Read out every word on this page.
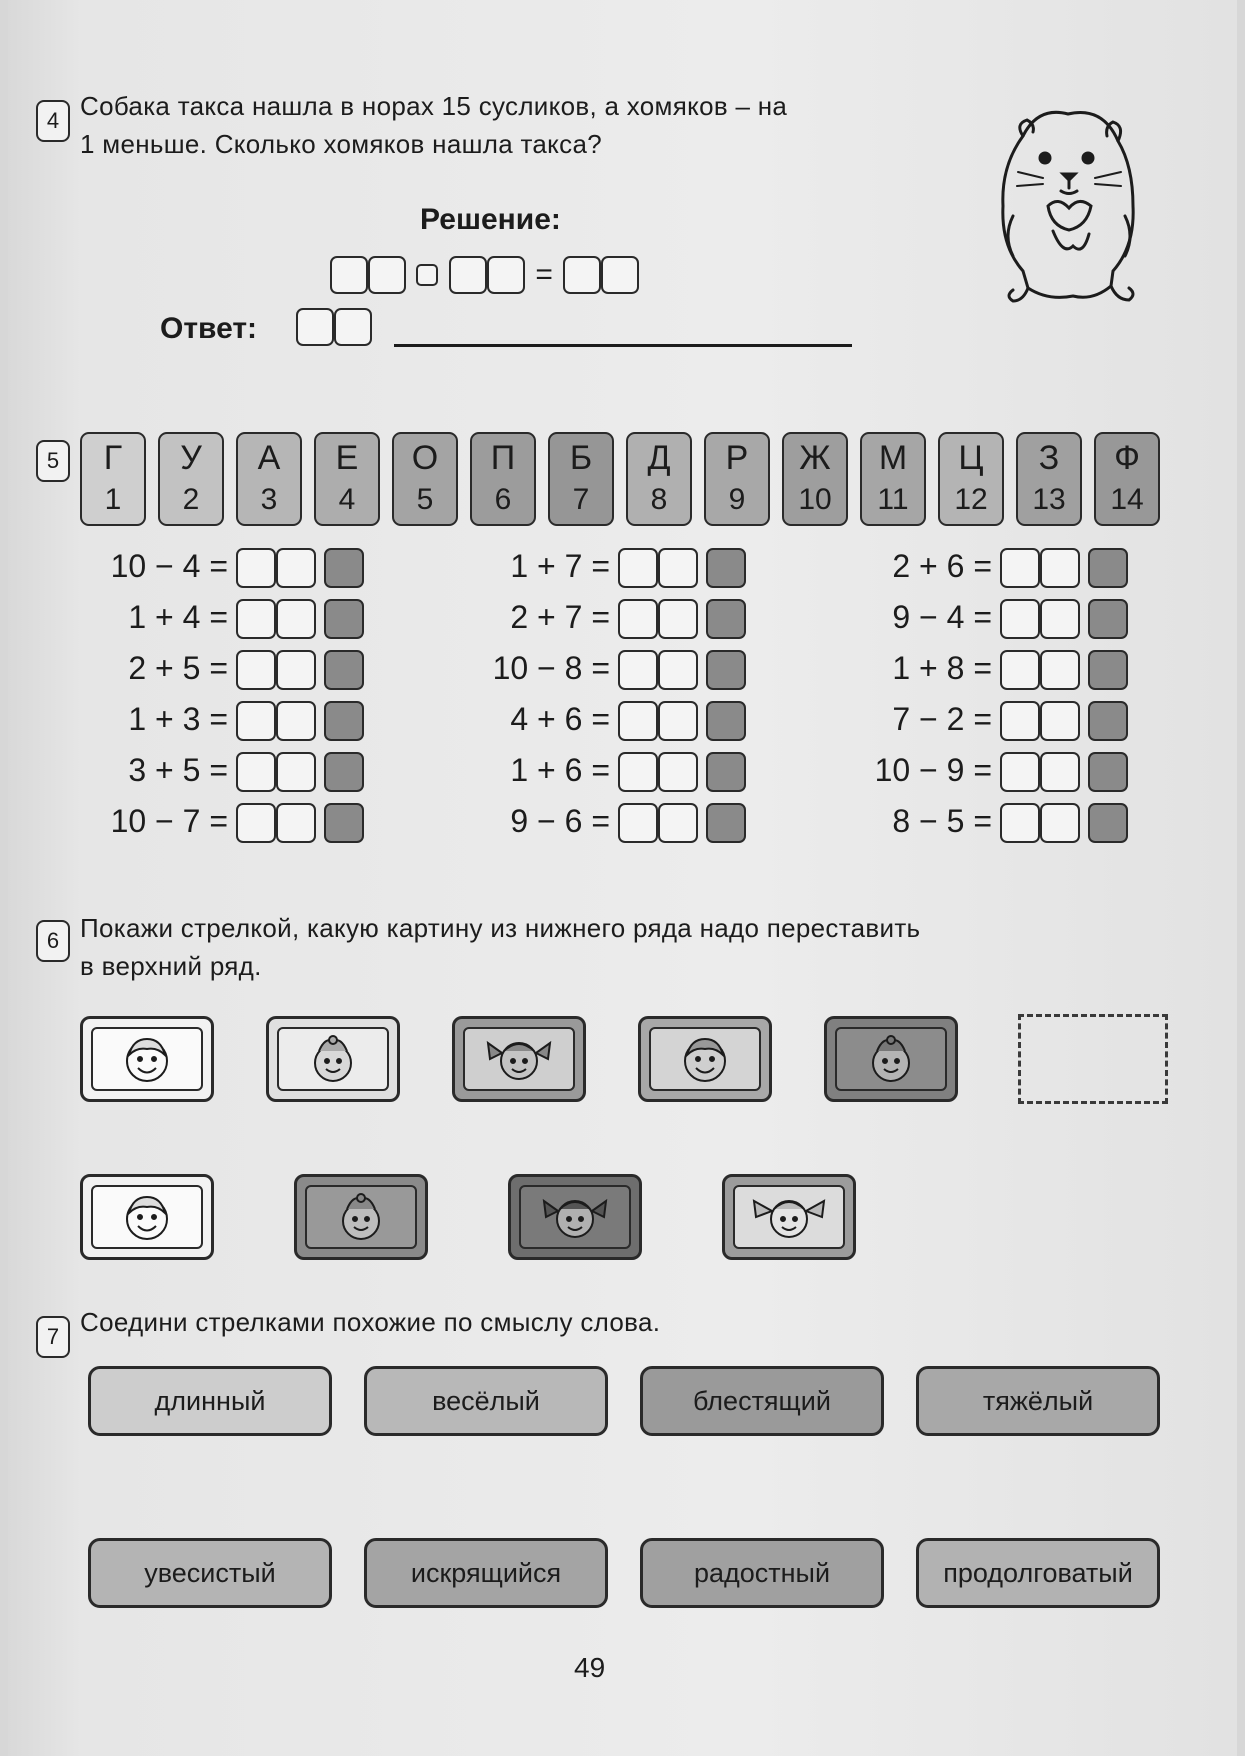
4 Собака такса нашла в норах 15 сусликов, а хомяков – на
1 меньше. Сколько хомяков нашла такса?
Решение:
=
Ответ:
5	Г
1
У
2
А
3
Е
4
О
5
П
6
Б
7
Д
8
Р
9
Ж
10
М
11
Ц
12
З
13
Ф
14
10 − 4 =
1 + 4 =
2 + 5 =
1 + 3 =
3 + 5 =
10 − 7 =
1 + 7 =
2 + 7 =
10 − 8 =
4 + 6 =
1 + 6 =
9 − 6 =
2 + 6 =
9 − 4 =
1 + 8 =
7 − 2 =
10 − 9 =
8 − 5 =
6 Покажи стрелкой, какую картину из нижнего ряда надо переставить
в верхний ряд.
7 Соедини стрелками похожие по смыслу слова.
длинный	весёлый	блестящий	тяжёлый
увесистый	искрящийся	радостный	продолговатый
49
